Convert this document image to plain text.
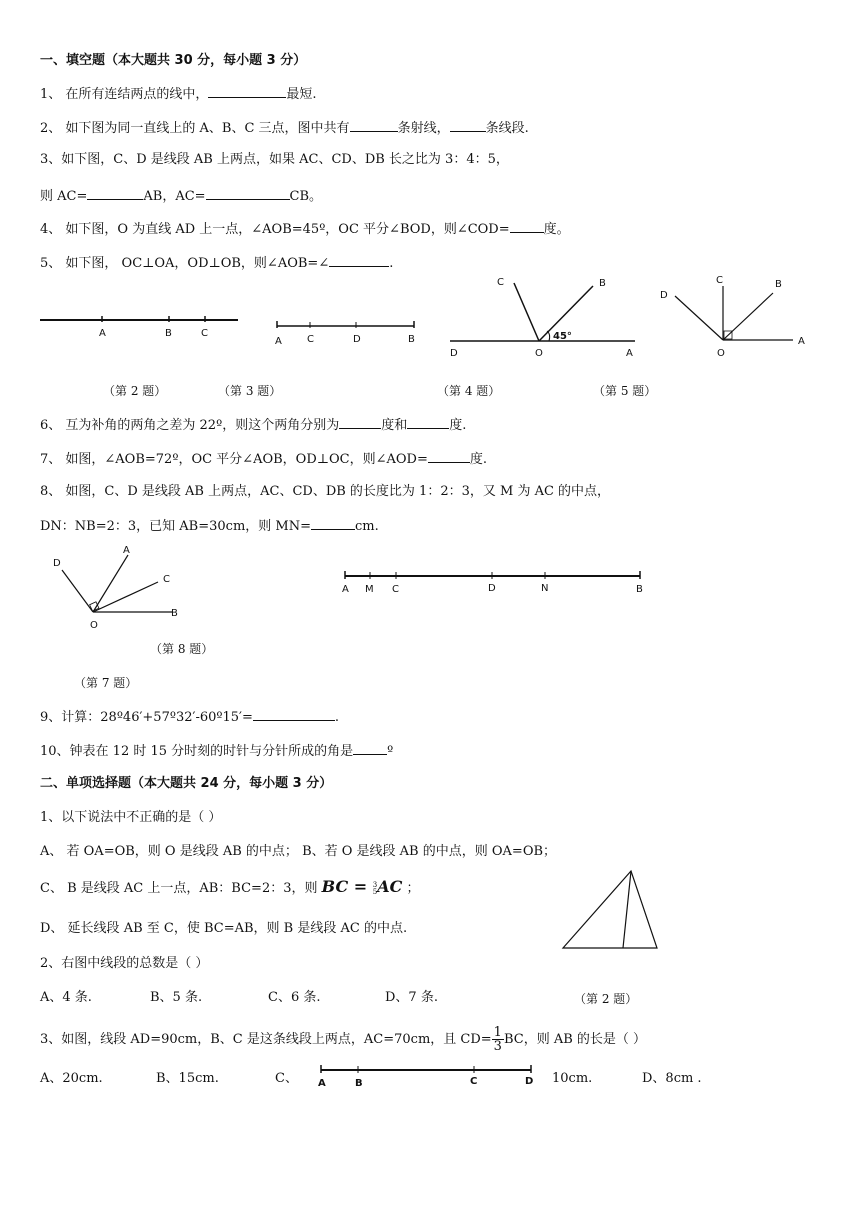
一、填空题（本大题共 30 分，每小题 3 分）
1、 在所有连结两点的线中，	最短.
2、 如下图为同一直线上的 A、B、C 三点，图中共有	条射线，	条线段.
3、如下图，C、D 是线段 AB 上两点，如果 AC、CD、DB 长之比为 3：4：5，
则 AC=	AB，AC=	CB。
4、 如下图，O 为直线 AD 上一点，∠AOB=45º，OC 平分∠BOD，则∠COD=	度。
5、 如下图， OC⊥OA，OD⊥OB，则∠AOB=∠	.
A	B	C
A	C	D	B
C	B
D	O	A
45°
D
C	B
O
A
（第 2 题）	（第 3 题）	（第 4 题）	（第 5 题）
6、 互为补角的两角之差为 22º，则这个两角分别为	度和	度.
7、 如图，∠AOB=72º，OC 平分∠AOB，OD⊥OC，则∠AOD=	度.
8、 如图，C、D 是线段 AB 上两点，AC、CD、DB 的长度比为 1：2：3，又 M 为 AC 的中点，
DN：NB=2：3，已知 AB=30cm，则 MN=	cm.
D
A
C
O
B
A M C	D	N	B
（第 8 题）
（第 7 题）
9、计算：28º46′+57º32′-60º15′=	.
10、钟表在 12 时 15 分时刻的时针与分针所成的角是	º
二、单项选择题（本大题共 24 分，每小题 3 分）
1、以下说法中不正确的是（ ）
A、 若 OA=OB，则 O 是线段 AB 的中点； B、若 O 是线段 AB 的中点，则 OA=OB；
C、 B 是线段 AC 上一点，AB：BC=2：3，则 BC = 3
5 AC ；
D、 延长线段 AB 至 C，使 BC=AB，则 B 是线段 AC 的中点.
2、右图中线段的总数是（ ）
A、4 条.	B、5 条.	C、6 条.	D、7 条.	（第 2 题）
3、如图，线段 AD=90cm，B、C 是这条线段上两点，AC=70cm，且 $CD= \frac{1}{3}$ BC，则 AB 的长是（ ）
A、20cm.	B、15cm.	C、 A	B	C	D 10cm.	D、8cm .
